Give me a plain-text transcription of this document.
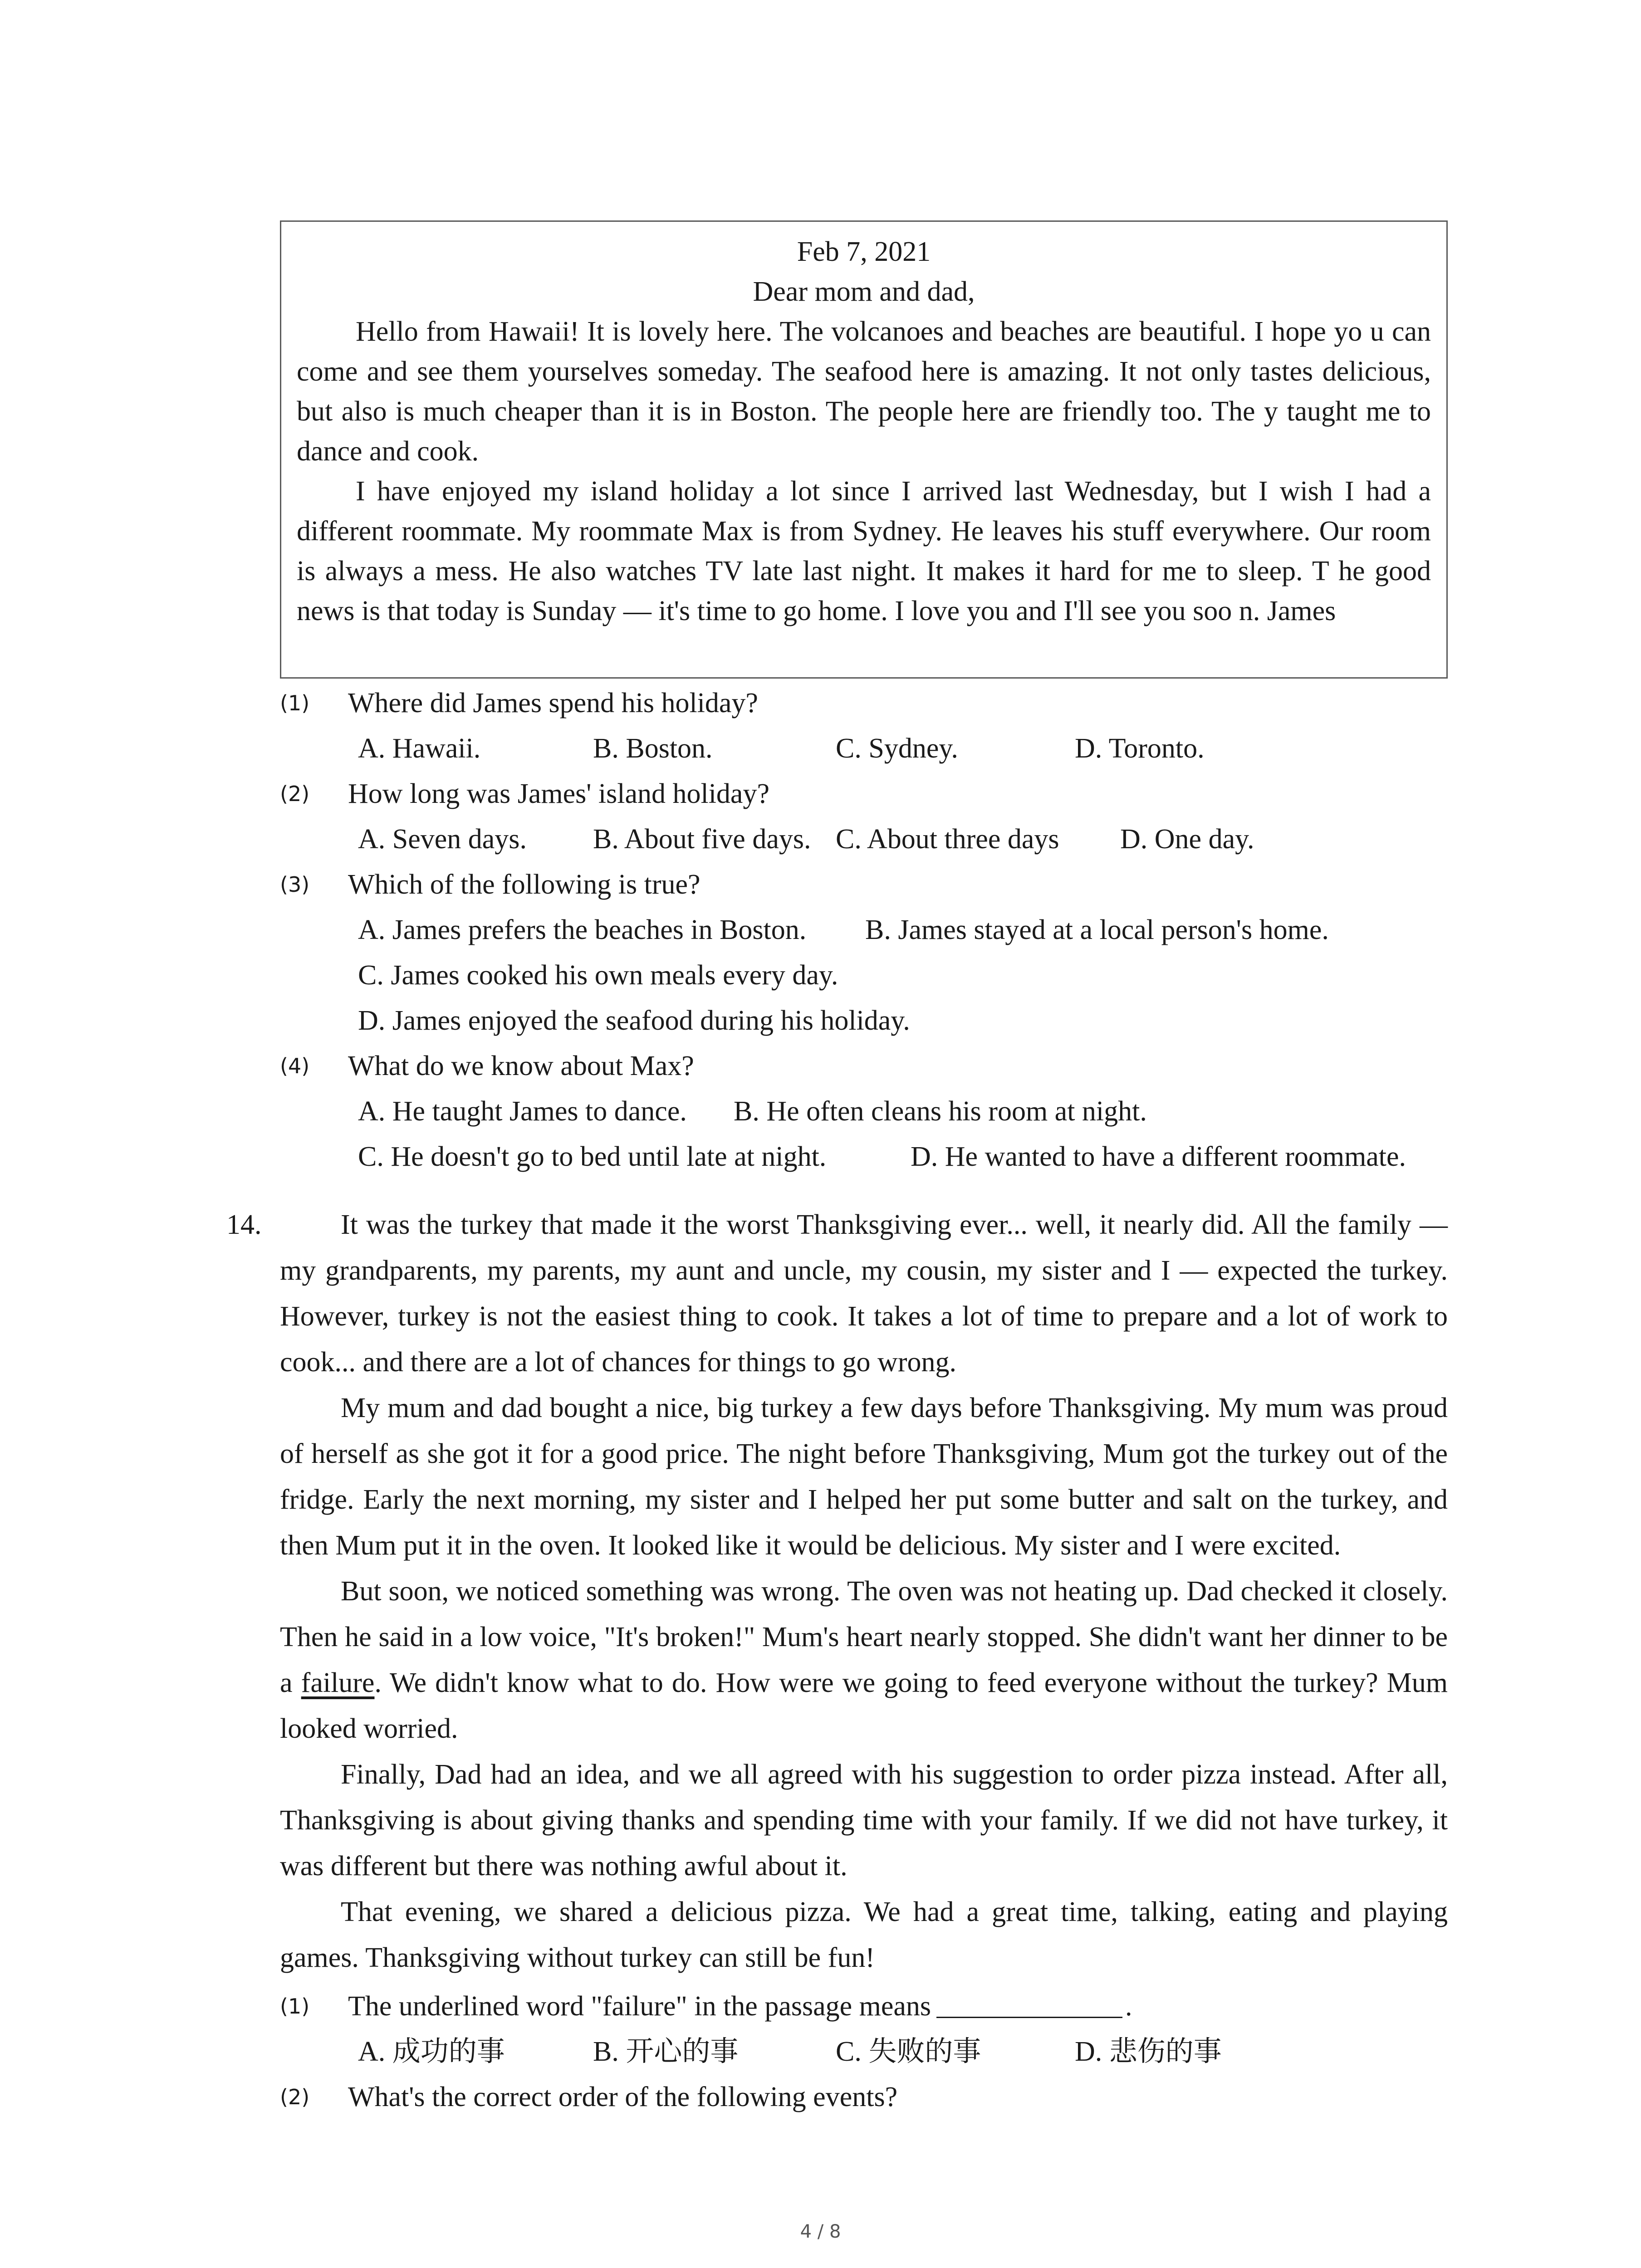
Feb 7, 2021

Dear mom and dad,

Hello from Hawaii! It is lovely here. The volcanoes and beaches are beautiful. I hope yo u can come and see them yourselves someday. The seafood here is amazing. It not only tastes delicious, but also is much cheaper than it is in Boston. The people here are friendly too. The y taught me to dance and cook.

I have enjoyed my island holiday a lot since I arrived last Wednesday, but I wish I had a different roommate. My roommate Max is from Sydney. He leaves his stuff everywhere. Our room is always a mess. He also watches TV late last night. It makes it hard for me to sleep. T he good news is that today is Sunday — it's time to go home. I love you and I'll see you soo n. James

(1) Where did James spend his holiday?
A. Hawaii.	B. Boston.	C. Sydney.	D. Toronto.
(2) How long was James' island holiday?
A. Seven days. B. About five days. C. About three days D. One day.
(3) Which of the following is true?
A. James prefers the beaches in Boston. B. James stayed at a local person's home.
C. James cooked his own meals every day.
D. James enjoyed the seafood during his holiday.
(4) What do we know about Max?
A. He taught James to dance. B. He often cleans his room at night.
C. He doesn't go to bed until late at night.	D. He wanted to have a different roommate.
14.	It was the turkey that made it the worst Thanksgiving ever... well, it nearly did. All the family — my grandparents, my parents, my aunt and uncle, my cousin, my sister and I — expected the turkey. However, turkey is not the easiest thing to cook. It takes a lot of time to prepare and a lot of work to cook... and there are a lot of chances for things to go wrong.

My mum and dad bought a nice, big turkey a few days before Thanksgiving. My mum was proud of herself as she got it for a good price. The night before Thanksgiving, Mum got the turkey out of the fridge. Early the next morning, my sister and I helped her put some butter and salt on the turkey, and then Mum put it in the oven. It looked like it would be delicious. My sister and I were excited.

But soon, we noticed something was wrong. The oven was not heating up. Dad checked it closely. Then he said in a low voice, "It's broken!" Mum's heart nearly stopped. She didn't want her dinner to be a failure. We didn't know what to do. How were we going to feed everyone without the turkey? Mum looked worried.

Finally, Dad had an idea, and we all agreed with his suggestion to order pizza instead. After all, Thanksgiving is about giving thanks and spending time with your family. If we did not have turkey, it was different but there was nothing awful about it.

That evening, we shared a delicious pizza. We had a great time, talking, eating and playing games. Thanksgiving without turkey can still be fun!

(1) The underlined word "failure" in the passage means	.
A. 成功的事	B. 开心的事	C. 失败的事	D. 悲伤的事
(2) What's the correct order of the following events?
4 / 8
